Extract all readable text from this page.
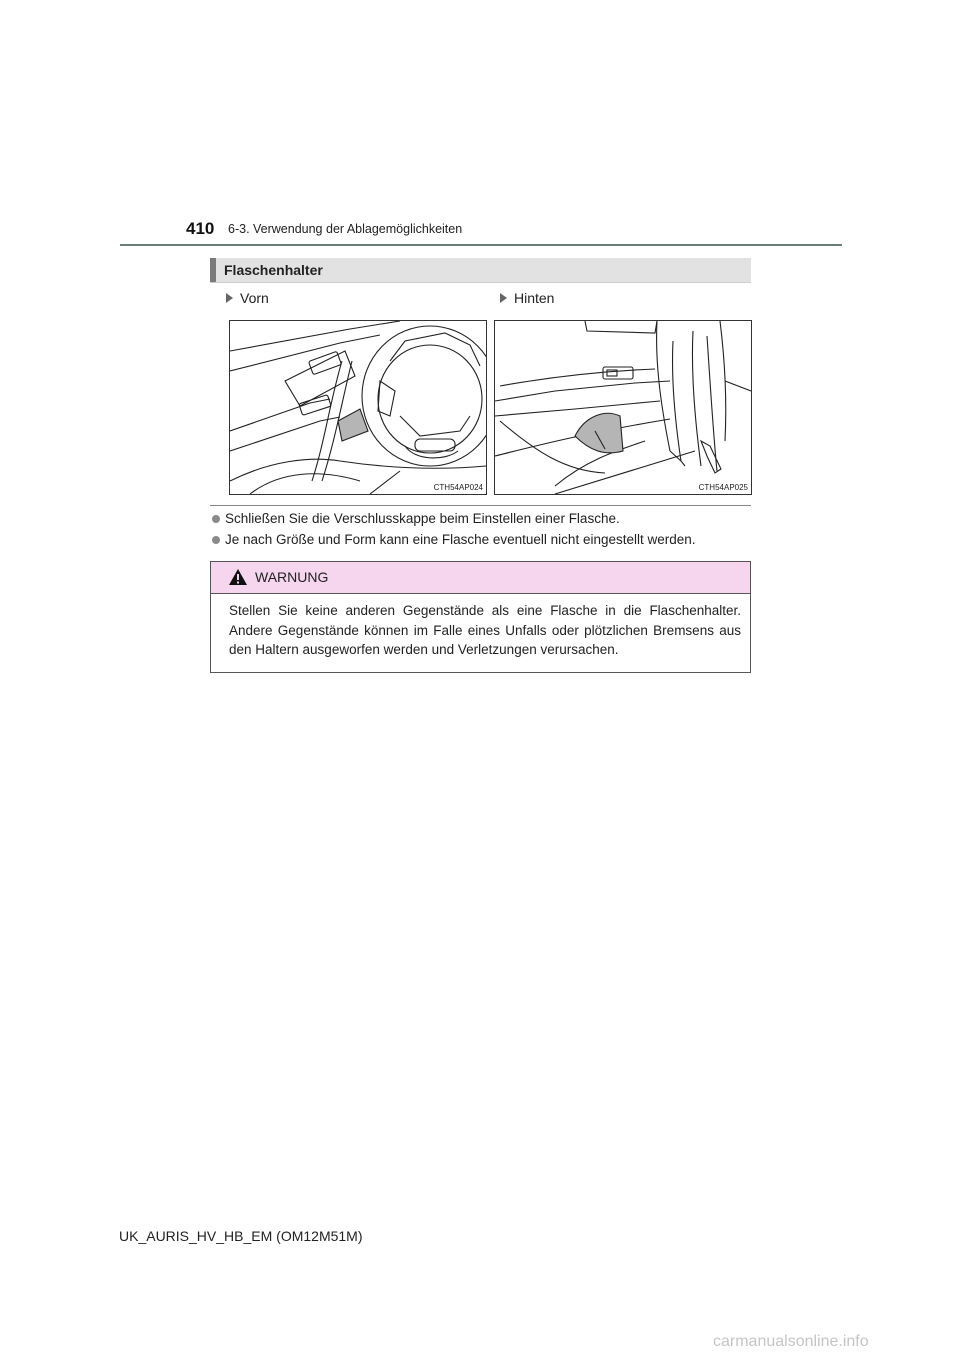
410 6-3. Verwendung der Ablagemöglichkeiten
Flaschenhalter
Vorn	Hinten
CTH54AP024	CTH54AP025
Schließen Sie die Verschlusskappe beim Einstellen einer Flasche.
Je nach Größe und Form kann eine Flasche eventuell nicht eingestellt werden.
WARNUNG
Stellen Sie keine anderen Gegenstände als eine Flasche in die Flaschenhalter. Andere Gegenstände können im Falle eines Unfalls oder plötzlichen Bremsens aus den Haltern ausgeworfen werden und Verletzungen verursachen.
UK_AURIS_HV_HB_EM (OM12M51M)
carmanualsonline.info
